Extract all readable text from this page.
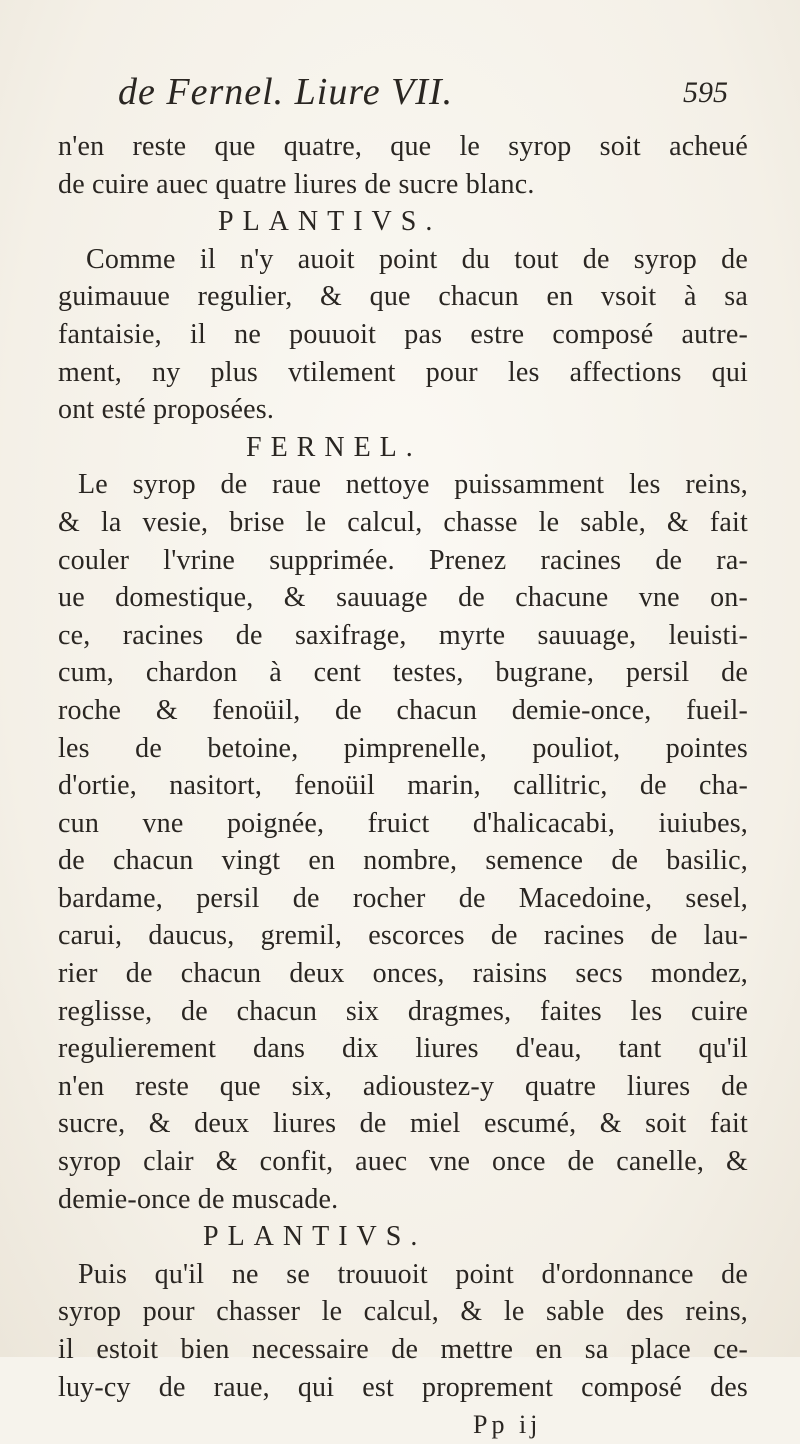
de Fernel. Liure VII.	595
n'en reste que quatre, que le syrop soit acheué
de cuire auec quatre liures de sucre blanc.
PLANTIVS.
Comme il n'y auoit point du tout de syrop de
guimauue regulier, & que chacun en vsoit à sa
fantaisie, il ne pouuoit pas estre composé autre-
ment, ny plus vtilement pour les affections qui
ont esté proposées.
FERNEL.
Le syrop de raue nettoye puissamment les reins,
& la vesie, brise le calcul, chasse le sable, & fait
couler l'vrine supprimée. Prenez racines de ra-
ue domestique, & sauuage de chacune vne on-
ce, racines de saxifrage, myrte sauuage, leuisti-
cum, chardon à cent testes, bugrane, persil de
roche & fenoüil, de chacun demie-once, fueil-
les de betoine, pimprenelle, pouliot, pointes
d'ortie, nasitort, fenoüil marin, callitric, de cha-
cun vne poignée, fruict d'halicacabi, iuiubes,
de chacun vingt en nombre, semence de basilic,
bardame, persil de rocher de Macedoine, sesel,
carui, daucus, gremil, escorces de racines de lau-
rier de chacun deux onces, raisins secs mondez,
reglisse, de chacun six dragmes, faites les cuire
regulierement dans dix liures d'eau, tant qu'il
n'en reste que six, adioustez-y quatre liures de
sucre, & deux liures de miel escumé, & soit fait
syrop clair & confit, auec vne once de canelle, &
demie-once de muscade.
PLANTIVS.
Puis qu'il ne se trouuoit point d'ordonnance de
syrop pour chasser le calcul, & le sable des reins,
il estoit bien necessaire de mettre en sa place ce-
luy-cy de raue, qui est proprement composé des
Pp ij
